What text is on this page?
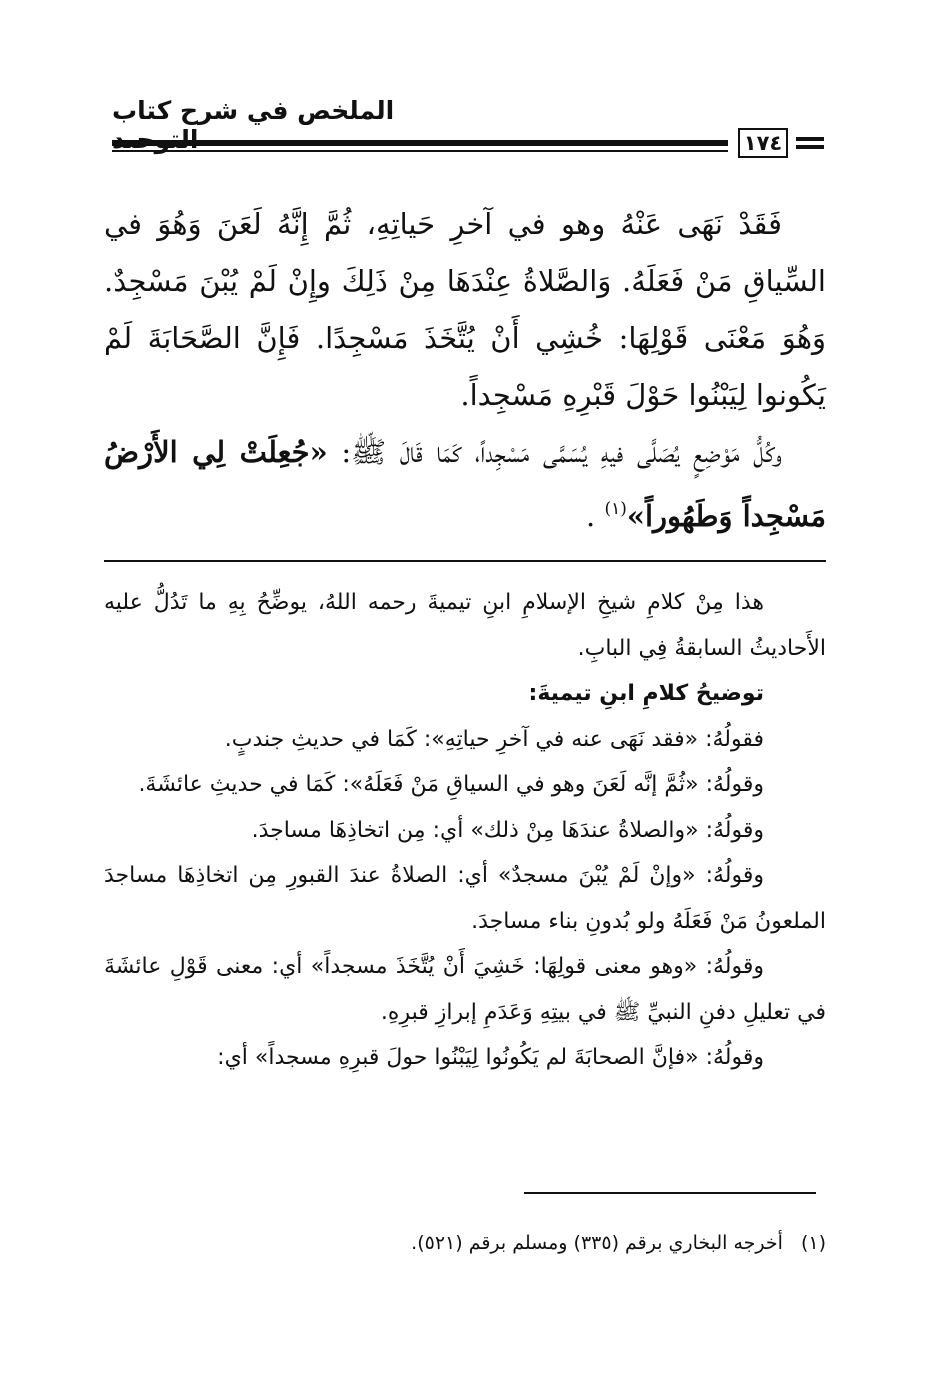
الملخص في شرح كتاب
١٧٤

فَقَدْ نَهَى عَنْهُ وهو في آخرِ حَياتِهِ، ثُمَّ إِنَّهُ لَعَنَ وَهُوَ في السِّياقِ مَنْ فَعَلَهُ. وَالصَّلاةُ عِنْدَهَا مِنْ ذَلِكَ وإِنْ لَمْ يُبْنَ مَسْجِدٌ. وَهُوَ مَعْنَى قَوْلِهَا: خُشِي أَنْ يُتَّخَذَ مَسْجِدًا. فَإِنَّ الصَّحَابَةَ لَمْ يَكُونوا لِيَبْنُوا حَوْلَ قَبْرِهِ مَسْجِداً.

وكُلُّ مَوْضِعٍ يُصَلَّى فيهِ يُسَمَّى مَسْجِداً، كَمَا قَالَ ﷺ: «جُعِلَتْ لِي الأَرْضُ مَسْجِداً وَطَهُوراً»$^{(١)}$ .

هذا مِنْ كلامِ شيخِ الإسلامِ ابنِ تيميةَ رحمه اللهُ، يوضِّحُ بِهِ ما تَدُلُّ عليه الأَحاديثُ السابقةُ فِي البابِ.

توضيحُ كلامِ ابنِ تيميةَ:

فقولُهُ: «فقد نَهَى عنه في آخرِ حياتِهِ»: كَمَا في حديثِ جندبٍ.

وقولُهُ: «ثُمَّ إنَّه لَعَنَ وهو في السياقِ مَنْ فَعَلَهُ»: كَمَا في حديثِ عائشَةَ.

وقولُهُ: «والصلاةُ عندَهَا مِنْ ذلك» أي: مِن اتخاذِهَا مساجدَ.

وقولُهُ: «وإنْ لَمْ يُبْنَ مسجدٌ» أي: الصلاةُ عندَ القبورِ مِن اتخاذِهَا مساجدَ الملعونُ مَنْ فَعَلَهُ ولو بُدونِ بناء مساجدَ.

وقولُهُ: «وهو معنى قولِهَا: خَشِيَ أَنْ يُتَّخَذَ مسجداً» أي: معنى قَوْلِ عائشَةَ في تعليلِ دفنِ النبيِّ ﷺ في بيتِهِ وَعَدَمِ إبرازِ قبرِهِ.

وقولُهُ: «فإنَّ الصحابَةَ لم يَكُونُوا لِيَبْنُوا حولَ قبرِهِ مسجداً» أي:

(١)أخرجه البخاري برقم (٣٣٥) ومسلم برقم (٥٢١).
